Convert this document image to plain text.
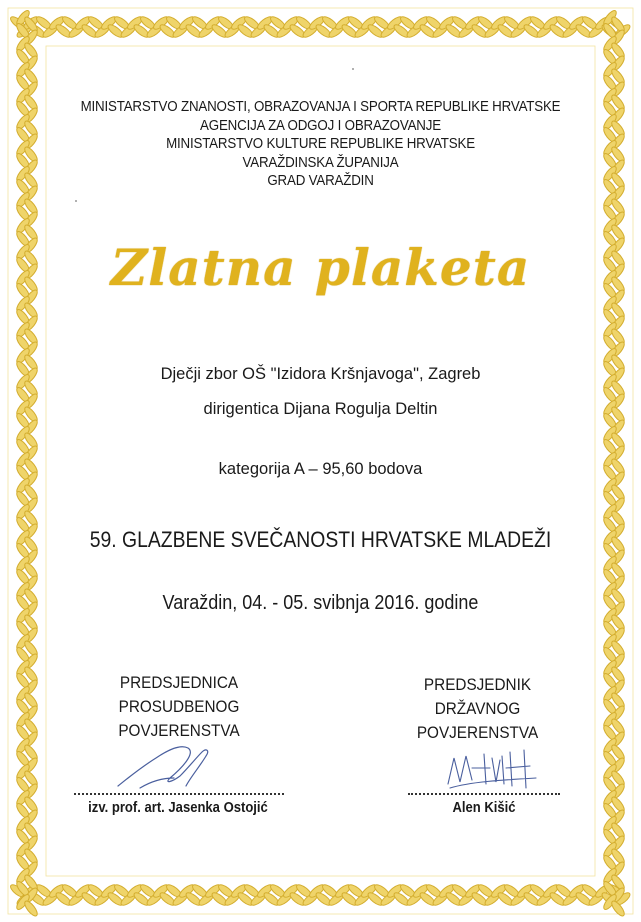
MINISTARSTVO ZNANOSTI, OBRAZOVANJA I SPORTA REPUBLIKE HRVATSKE
AGENCIJA ZA ODGOJ I OBRAZOVANJE
MINISTARSTVO KULTURE REPUBLIKE HRVATSKE
VARAŽDINSKA ŽUPANIJA
GRAD VARAŽDIN
Zlatna plaketa
Dječji zbor OŠ "Izidora Kršnjavoga", Zagreb
dirigentica Dijana Rogulja Deltin
kategorija A – 95,60 bodova
59. GLAZBENE SVEČANOSTI HRVATSKE MLADEŽI
Varaždin, 04. - 05. svibnja 2016. godine
PREDSJEDNICA
PROSUDBENOG
POVJERENSTVA
PREDSJEDNIK
DRŽAVNOG
POVJERENSTVA
izv. prof. art. Jasenka Ostojić	Alen Kišić
